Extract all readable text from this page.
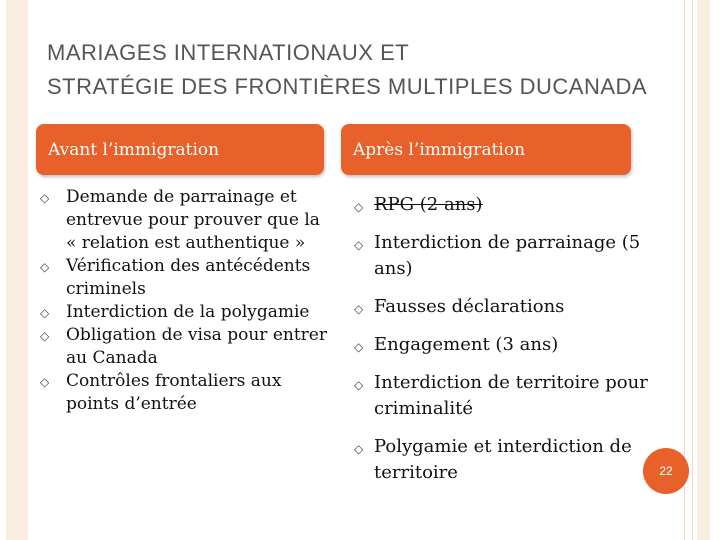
MARIAGES INTERNATIONAUX ET
STRATÉGIE DES FRONTIÈRES MULTIPLES DUCANADA
Avant l’immigration	Après l’immigration
◇ Demande de parrainage et entrevue pour prouver que la « relation est authentique »
◇ Vérification des antécédents criminels
◇ Interdiction de la polygamie
◇ Obligation de visa pour entrer au Canada
◇ Contrôles frontaliers aux points d’entrée
◇ RPG (2 ans)
◇ Interdiction de parrainage (5 ans)
◇ Fausses déclarations
◇ Engagement (3 ans)
◇ Interdiction de territoire pour criminalité
◇ Polygamie et interdiction de territoire	22
